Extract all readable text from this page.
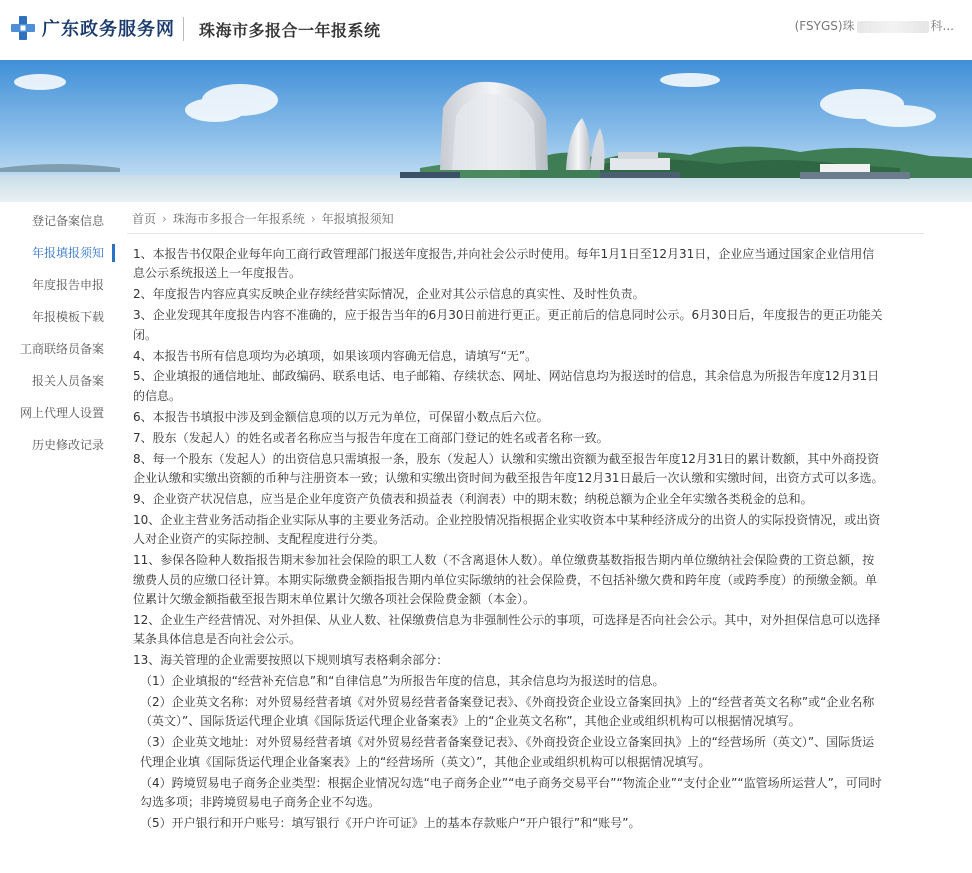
广东政务服务网 珠海市多报合一年报系统	(FSYGS)珠	科...
登记备案信息
年报填报须知
年度报告申报
年报模板下载
工商联络员备案
报关人员备案
网上代理人设置
历史修改记录
首页 › 珠海市多报合一年报系统 › 年报填报须知

1、本报告书仅限企业每年向工商行政管理部门报送年度报告,并向社会公示时使用。每年1月1日至12月31日，企业应当通过国家企业信用信息公示系统报送上一年度报告。

2、年度报告内容应真实反映企业存续经营实际情况，企业对其公示信息的真实性、及时性负责。

3、企业发现其年度报告内容不准确的，应于报告当年的6月30日前进行更正。更正前后的信息同时公示。6月30日后，年度报告的更正功能关闭。

4、本报告书所有信息项均为必填项，如果该项内容确无信息，请填写“无”。

5、企业填报的通信地址、邮政编码、联系电话、电子邮箱、存续状态、网址、网站信息均为报送时的信息，其余信息为所报告年度12月31日的信息。

6、本报告书填报中涉及到金额信息项的以万元为单位，可保留小数点后六位。

7、股东（发起人）的姓名或者名称应当与报告年度在工商部门登记的姓名或者名称一致。

8、每一个股东（发起人）的出资信息只需填报一条，股东（发起人）认缴和实缴出资额为截至报告年度12月31日的累计数额，其中外商投资企业认缴和实缴出资额的币种与注册资本一致；认缴和实缴出资时间为截至报告年度12月31日最后一次认缴和实缴时间，出资方式可以多选。

9、企业资产状况信息，应当是企业年度资产负债表和损益表（利润表）中的期末数；纳税总额为企业全年实缴各类税金的总和。

10、企业主营业务活动指企业实际从事的主要业务活动。企业控股情况指根据企业实收资本中某种经济成分的出资人的实际投资情况，或出资人对企业资产的实际控制、支配程度进行分类。

11、参保各险种人数指报告期末参加社会保险的职工人数（不含离退休人数）。单位缴费基数指报告期内单位缴纳社会保险费的工资总额，按缴费人员的应缴口径计算。本期实际缴费金额指报告期内单位实际缴纳的社会保险费，不包括补缴欠费和跨年度（或跨季度）的预缴金额。单位累计欠缴金额指截至报告期末单位累计欠缴各项社会保险费金额（本金）。

12、企业生产经营情况、对外担保、从业人数、社保缴费信息为非强制性公示的事项，可选择是否向社会公示。其中，对外担保信息可以选择某条具体信息是否向社会公示。

13、海关管理的企业需要按照以下规则填写表格剩余部分：

（1）企业填报的“经营补充信息”和“自律信息”为所报告年度的信息，其余信息均为报送时的信息。

（2）企业英文名称：对外贸易经营者填《对外贸易经营者备案登记表》、《外商投资企业设立备案回执》上的“经营者英文名称”或“企业名称（英文）”、国际货运代理企业填《国际货运代理企业备案表》上的“企业英文名称”，其他企业或组织机构可以根据情况填写。

（3）企业英文地址：对外贸易经营者填《对外贸易经营者备案登记表》、《外商投资企业设立备案回执》上的“经营场所（英文）”、国际货运代理企业填《国际货运代理企业备案表》上的“经营场所（英文）”，其他企业或组织机构可以根据情况填写。

（4）跨境贸易电子商务企业类型：根据企业情况勾选“电子商务企业”“电子商务交易平台”“物流企业”“支付企业”“监管场所运营人”，可同时勾选多项；非跨境贸易电子商务企业不勾选。

（5）开户银行和开户账号：填写银行《开户许可证》上的基本存款账户“开户银行”和“账号”。
